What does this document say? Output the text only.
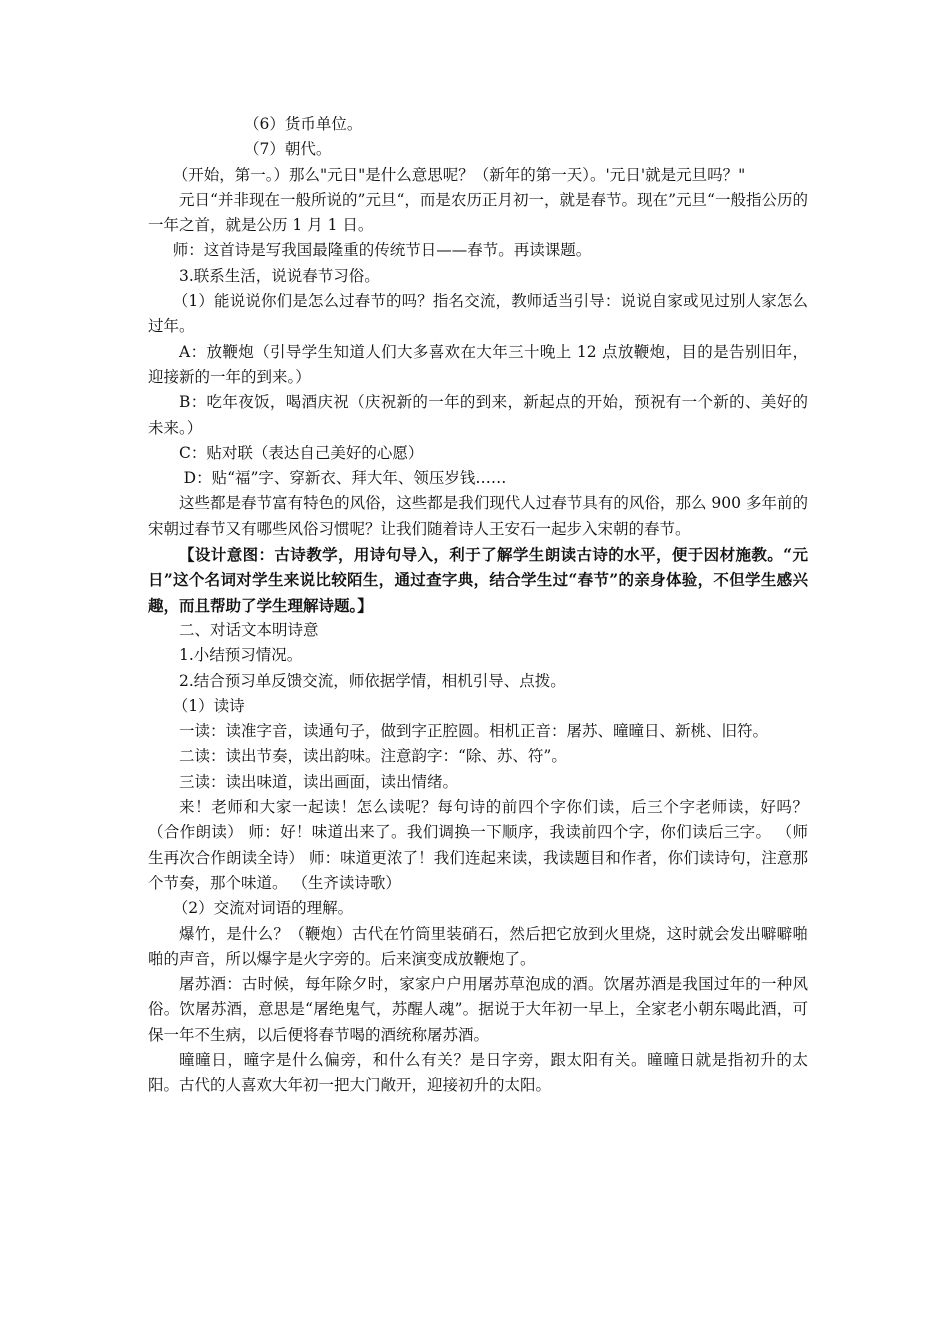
（6）货币单位。

（7）朝代。

（开始，第一。）那么"元日"是什么意思呢？（新年的第一天）。'元日'就是元旦吗？"

元日“并非现在一般所说的”元旦“，而是农历正月初一，就是春节。现在”元旦“一般指公历的一年之首，就是公历 1 月 1 日。

师：这首诗是写我国最隆重的传统节日——春节。再读课题。

3.联系生活，说说春节习俗。

（1）能说说你们是怎么过春节的吗？指名交流，教师适当引导：说说自家或见过别人家怎么过年。

A：放鞭炮（引导学生知道人们大多喜欢在大年三十晚上 12 点放鞭炮，目的是告别旧年，迎接新的一年的到来。）

B：吃年夜饭，喝酒庆祝（庆祝新的一年的到来，新起点的开始，预祝有一个新的、美好的未来。）

C：贴对联（表达自己美好的心愿）

D：贴“福”字、穿新衣、拜大年、领压岁钱……

这些都是春节富有特色的风俗，这些都是我们现代人过春节具有的风俗，那么 900 多年前的宋朝过春节又有哪些风俗习惯呢？让我们随着诗人王安石一起步入宋朝的春节。

【设计意图：古诗教学，用诗句导入，利于了解学生朗读古诗的水平，便于因材施教。“元日”这个名词对学生来说比较陌生，通过查字典，结合学生过“春节”的亲身体验，不但学生感兴趣，而且帮助了学生理解诗题。】

二、对话文本明诗意

1.小结预习情况。

2.结合预习单反馈交流，师依据学情，相机引导、点拨。

（1）读诗

一读：读准字音，读通句子，做到字正腔圆。相机正音：屠苏、曈曈日、新桃、旧符。

二读：读出节奏，读出韵味。注意韵字：“除、苏、符”。

三读：读出味道，读出画面，读出情绪。

来！老师和大家一起读！怎么读呢？每句诗的前四个字你们读，后三个字老师读，好吗？ （合作朗读） 师：好！味道出来了。我们调换一下顺序，我读前四个字，你们读后三字。 （师生再次合作朗读全诗） 师：味道更浓了！我们连起来读，我读题目和作者，你们读诗句，注意那个节奏，那个味道。 （生齐读诗歌）

（2）交流对词语的理解。

爆竹，是什么？（鞭炮）古代在竹筒里装硝石，然后把它放到火里烧，这时就会发出噼噼啪啪的声音，所以爆字是火字旁的。后来演变成放鞭炮了。

屠苏酒：古时候，每年除夕时，家家户户用屠苏草泡成的酒。饮屠苏酒是我国过年的一种风俗。饮屠苏酒，意思是“屠绝鬼气，苏醒人魂”。据说于大年初一早上，全家老小朝东喝此酒，可保一年不生病，以后便将春节喝的酒统称屠苏酒。

曈曈日，曈字是什么偏旁，和什么有关？是日字旁，跟太阳有关。曈曈日就是指初升的太阳。古代的人喜欢大年初一把大门敞开，迎接初升的太阳。
